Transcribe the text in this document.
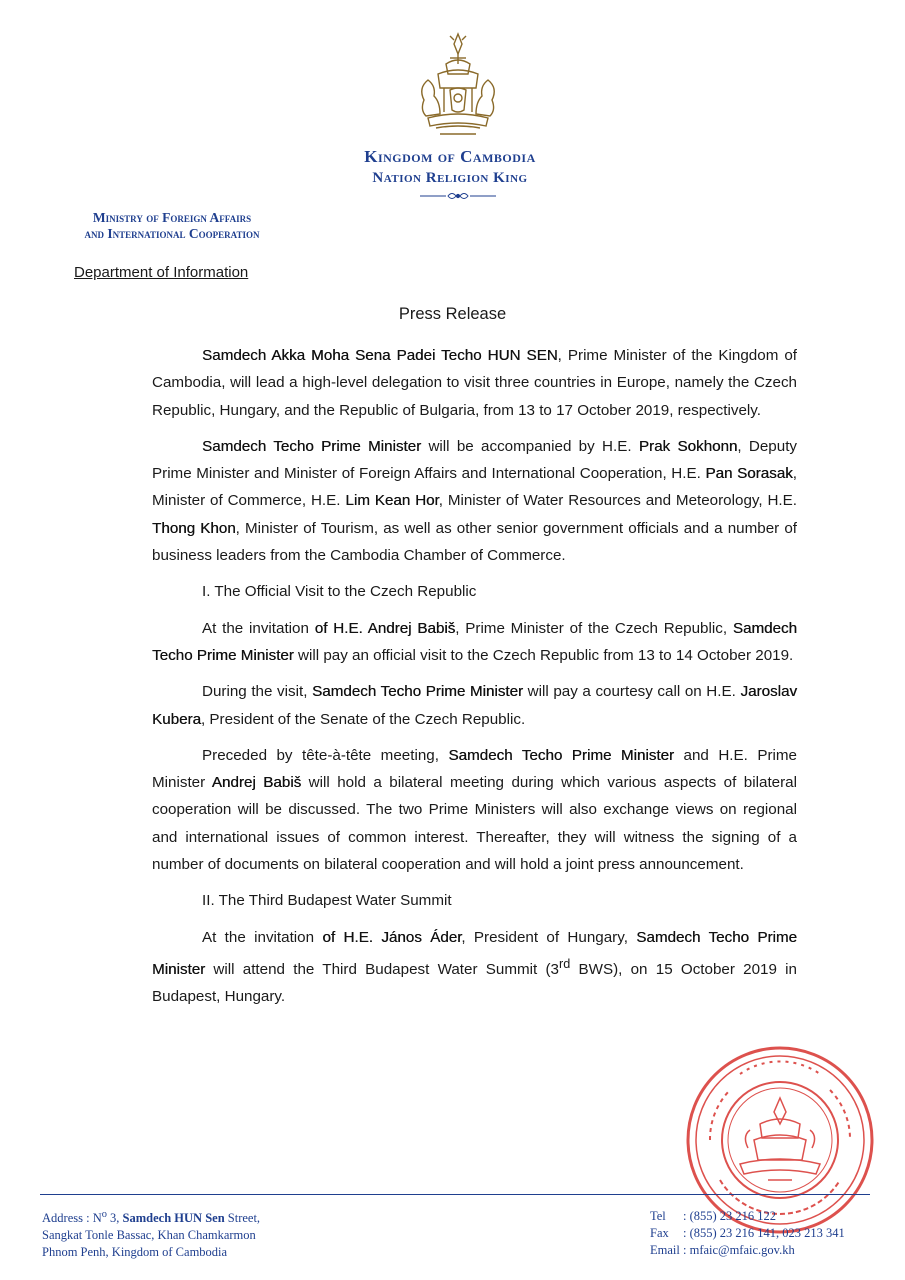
Kingdom of Cambodia
Nation Religion King
Ministry of Foreign Affairs
and International Cooperation
Department of Information
Press Release

Samdech Akka Moha Sena Padei Techo HUN SEN, Prime Minister of the Kingdom of Cambodia, will lead a high-level delegation to visit three countries in Europe, namely the Czech Republic, Hungary, and the Republic of Bulgaria, from 13 to 17 October 2019, respectively.

Samdech Techo Prime Minister will be accompanied by H.E. Prak Sokhonn, Deputy Prime Minister and Minister of Foreign Affairs and International Cooperation, H.E. Pan Sorasak, Minister of Commerce, H.E. Lim Kean Hor, Minister of Water Resources and Meteorology, H.E. Thong Khon, Minister of Tourism, as well as other senior government officials and a number of business leaders from the Cambodia Chamber of Commerce.

I. The Official Visit to the Czech Republic

At the invitation of H.E. Andrej Babiš, Prime Minister of the Czech Republic, Samdech Techo Prime Minister will pay an official visit to the Czech Republic from 13 to 14 October 2019.

During the visit, Samdech Techo Prime Minister will pay a courtesy call on H.E. Jaroslav Kubera, President of the Senate of the Czech Republic.

Preceded by tête-à-tête meeting, Samdech Techo Prime Minister and H.E. Prime Minister Andrej Babiš will hold a bilateral meeting during which various aspects of bilateral cooperation will be discussed. The two Prime Ministers will also exchange views on regional and international issues of common interest. Thereafter, they will witness the signing of a number of documents on bilateral cooperation and will hold a joint press announcement.

II. The Third Budapest Water Summit

At the invitation of H.E. János Áder, President of Hungary, Samdech Techo Prime Minister will attend the Third Budapest Water Summit (3rd BWS), on 15 October 2019 in Budapest, Hungary.

Address : $N^o$ 3, Samdech HUN Sen Street,
Sangkat Tonle Bassac, Khan Chamkarmon
Phnom Penh, Kingdom of Cambodia
Tel : (855) 23 216 122
Fax : (855) 23 216 141, 023 213 341
Email : mfaic@mfaic.gov.kh
